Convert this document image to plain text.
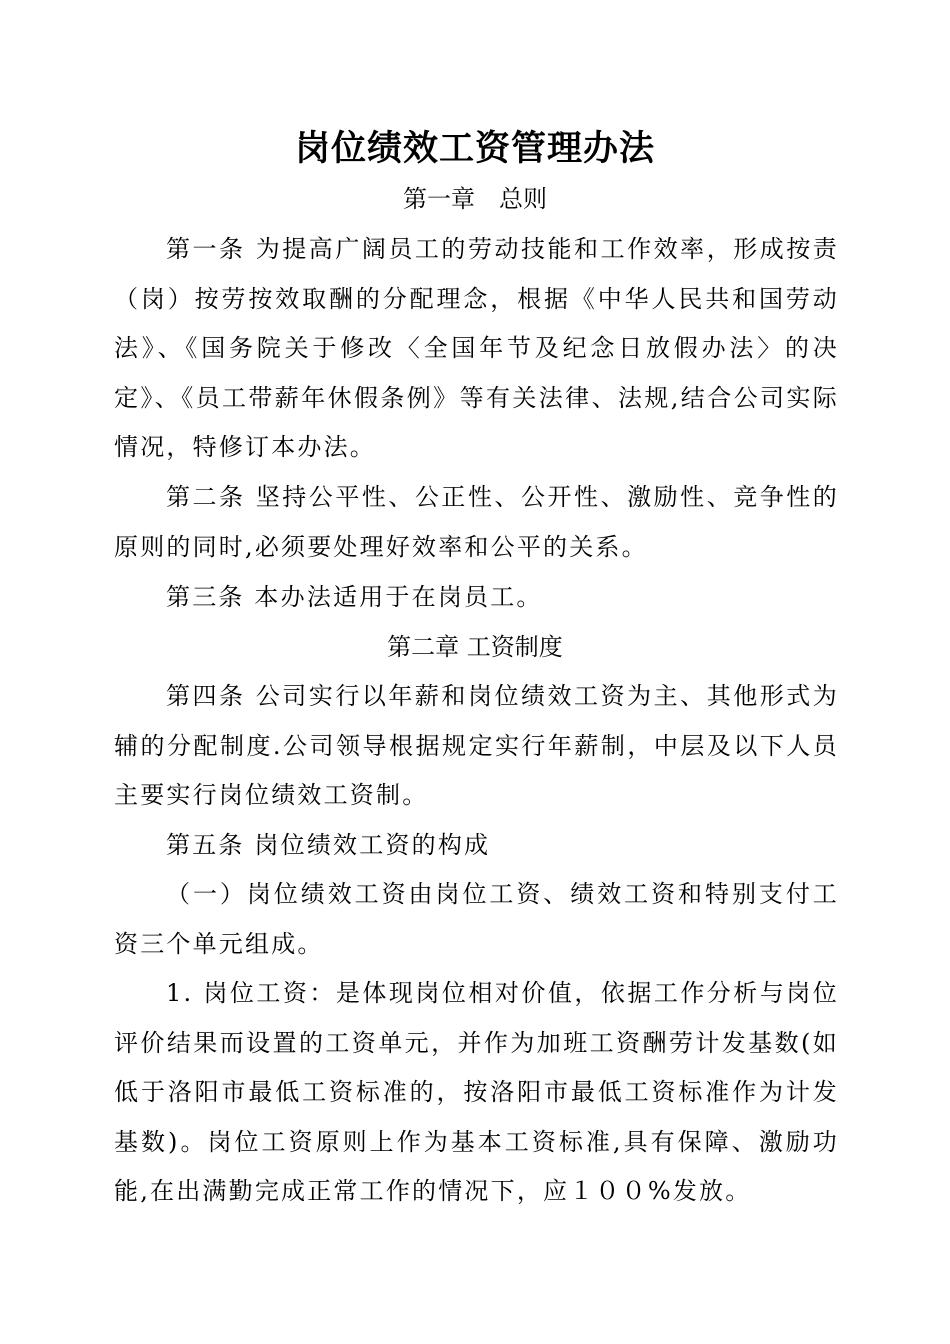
岗位绩效工资管理办法
第一章　总则

第一条 为提高广阔员工的劳动技能和工作效率，形成按责（岗）按劳按效取酬的分配理念，根据《中华人民共和国劳动法》、《国务院关于修改〈全国年节及纪念日放假办法〉的决定》、《员工带薪年休假条例》等有关法律、法规,结合公司实际情况，特修订本办法。

第二条 坚持公平性、公正性、公开性、激励性、竞争性的原则的同时,必须要处理好效率和公平的关系。

第三条 本办法适用于在岗员工。

第二章 工资制度

第四条 公司实行以年薪和岗位绩效工资为主、其他形式为辅的分配制度.公司领导根据规定实行年薪制，中层及以下人员主要实行岗位绩效工资制。

第五条 岗位绩效工资的构成

（一）岗位绩效工资由岗位工资、绩效工资和特别支付工资三个单元组成。

1. 岗位工资：是体现岗位相对价值，依据工作分析与岗位评价结果而设置的工资单元，并作为加班工资酬劳计发基数(如低于洛阳市最低工资标准的，按洛阳市最低工资标准作为计发基数)。岗位工资原则上作为基本工资标准,具有保障、激励功能,在出满勤完成正常工作的情况下，应１００%发放。
